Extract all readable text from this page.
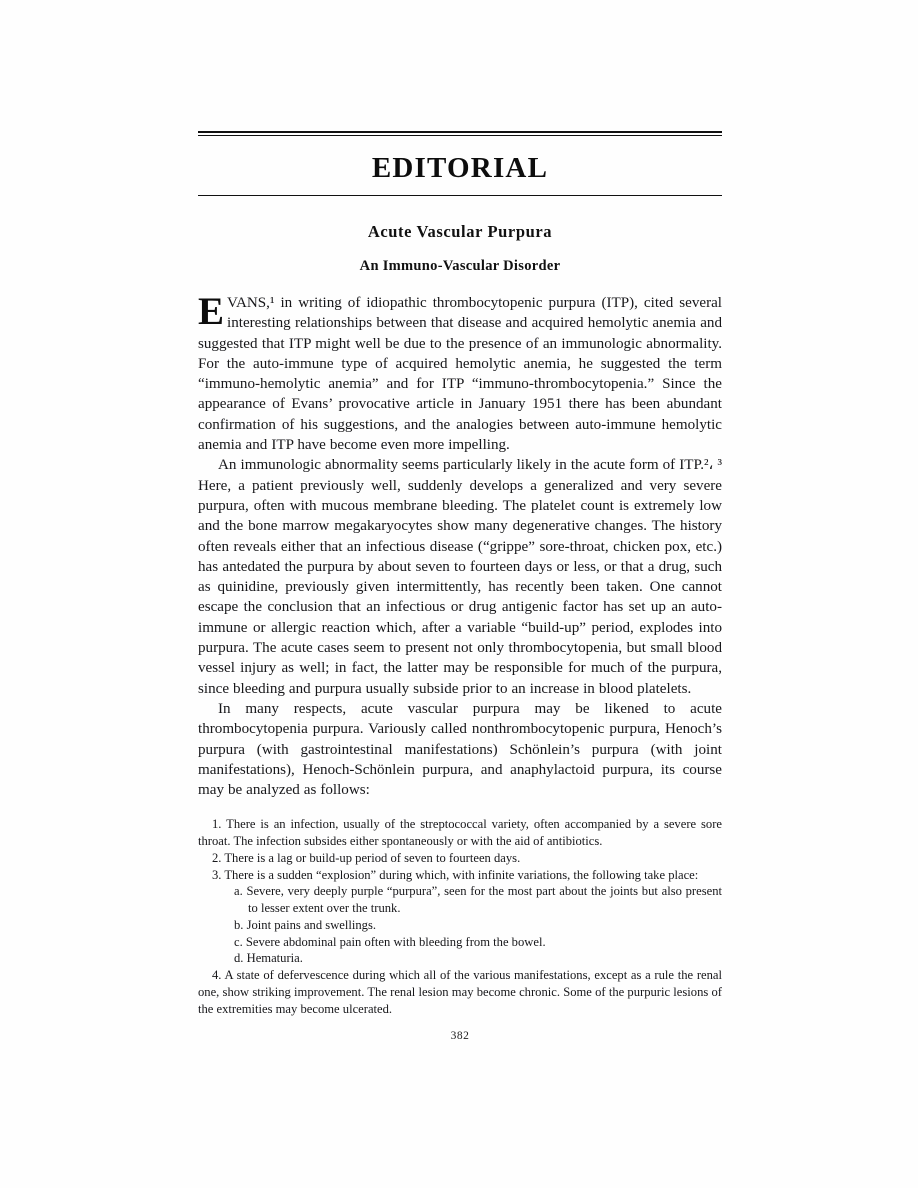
EDITORIAL
Acute Vascular Purpura
An Immuno-Vascular Disorder

EVANS,¹ in writing of idiopathic thrombocytopenic purpura (ITP), cited several interesting relationships between that disease and acquired hemolytic anemia and suggested that ITP might well be due to the presence of an immunologic abnormality. For the auto-immune type of acquired hemolytic anemia, he suggested the term “immuno-hemolytic anemia” and for ITP “immuno-thrombocytopenia.” Since the appearance of Evans’ provocative article in January 1951 there has been abundant confirmation of his suggestions, and the analogies between auto-immune hemolytic anemia and ITP have become even more impelling.

An immunologic abnormality seems particularly likely in the acute form of ITP.²، ³ Here, a patient previously well, suddenly develops a generalized and very severe purpura, often with mucous membrane bleeding. The platelet count is extremely low and the bone marrow megakaryocytes show many degenerative changes. The history often reveals either that an infectious disease (“grippe” sore-throat, chicken pox, etc.) has antedated the purpura by about seven to fourteen days or less, or that a drug, such as quinidine, previously given intermittently, has recently been taken. One cannot escape the conclusion that an infectious or drug antigenic factor has set up an auto-immune or allergic reaction which, after a variable “build-up” period, explodes into purpura. The acute cases seem to present not only thrombocytopenia, but small blood vessel injury as well; in fact, the latter may be responsible for much of the purpura, since bleeding and purpura usually subside prior to an increase in blood platelets.

In many respects, acute vascular purpura may be likened to acute thrombocytopenia purpura. Variously called nonthrombocytopenic purpura, Henoch’s purpura (with gastrointestinal manifestations) Schönlein’s purpura (with joint manifestations), Henoch-Schönlein purpura, and anaphylactoid purpura, its course may be analyzed as follows:

1. There is an infection, usually of the streptococcal variety, often accompanied by a severe sore throat. The infection subsides either spontaneously or with the aid of antibiotics.

2. There is a lag or build-up period of seven to fourteen days.

3. There is a sudden “explosion” during which, with infinite variations, the following take place:

a. Severe, very deeply purple “purpura”, seen for the most part about the joints but also present to lesser extent over the trunk.
b. Joint pains and swellings.
c. Severe abdominal pain often with bleeding from the bowel.
d. Hematuria.

4. A state of defervescence during which all of the various manifestations, except as a rule the renal one, show striking improvement. The renal lesion may become chronic. Some of the purpuric lesions of the extremities may become ulcerated.

382
